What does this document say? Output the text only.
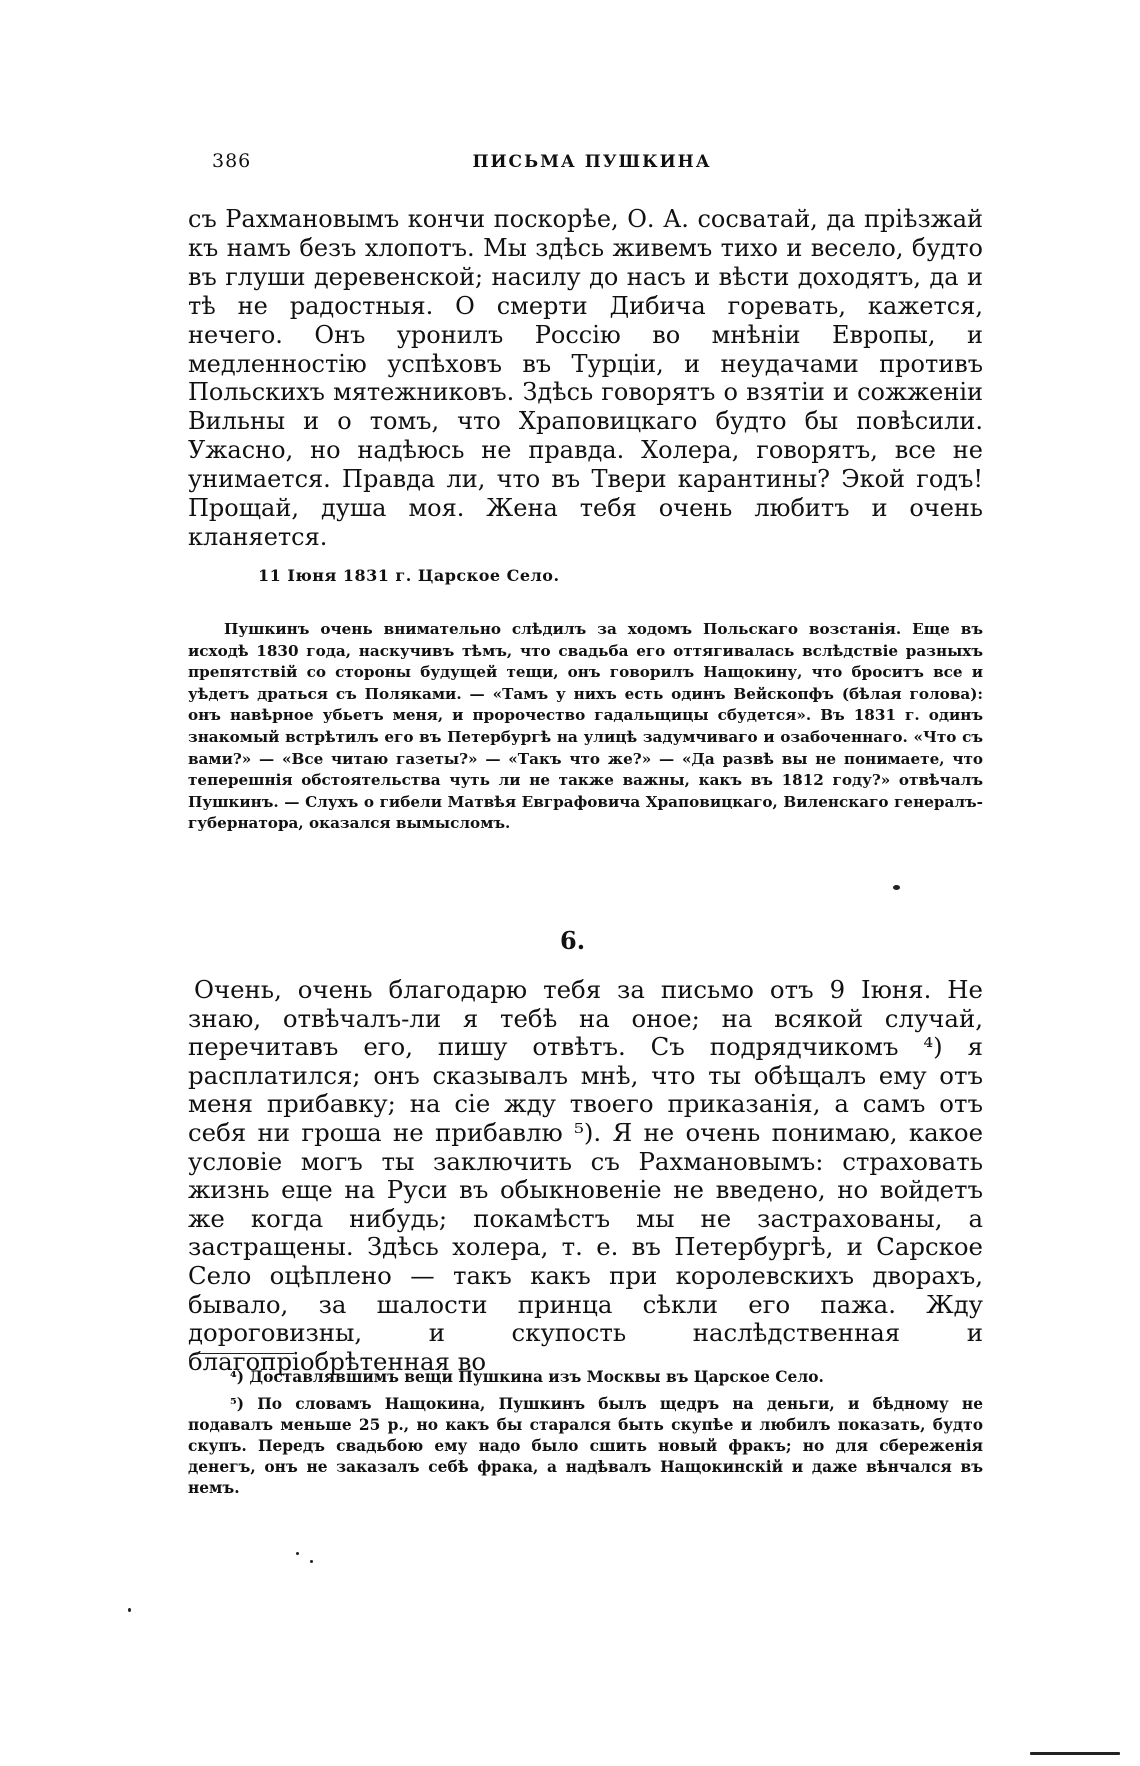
386	ПИСЬМА ПУШКИНА

съ Рахмановымъ кончи поскорѣе, О. А. сосватай, да пріѣзжай къ намъ безъ хлопотъ. Мы здѣсь живемъ тихо и весело, будто въ глуши деревенской; насилу до насъ и вѣсти доходятъ, да и тѣ не радостныя. О смерти Дибича горевать, кажется, нечего. Онъ уронилъ Россію во мнѣніи Европы, и медленностію успѣховъ въ Турціи, и неудачами противъ Польскихъ мятежниковъ. Здѣсь говорятъ о взятіи и сожженіи Вильны и о томъ, что Храповицкаго будто бы повѣсили. Ужасно, но надѣюсь не правда. Холера, говорятъ, все не унимается. Правда ли, что въ Твери карантины? Экой годъ! Прощай, душа моя. Жена тебя очень любитъ и очень кланяется.

11 Іюня 1831 г. Царское Село.

Пушкинъ очень внимательно слѣдилъ за ходомъ Польскаго возстанія. Еще въ исходѣ 1830 года, наскучивъ тѣмъ, что свадьба его оттягивалась вслѣдствіе разныхъ препятствій со стороны будущей тещи, онъ говорилъ Нащокину, что броситъ все и уѣдетъ драться съ Поляками. — «Тамъ у нихъ есть одинъ Вейскопфъ (бѣлая голова): онъ навѣрное убьетъ меня, и пророчество гадальщицы сбудется». Въ 1831 г. одинъ знакомый встрѣтилъ его въ Петербургѣ на улицѣ задумчиваго и озабоченнаго. «Что съ вами?» — «Все читаю газеты?» — «Такъ что же?» — «Да развѣ вы не понимаете, что теперешнія обстоятельства чуть ли не также важны, какъ въ 1812 году?» отвѣчалъ Пушкинъ. — Слухъ о гибели Матвѣя Евграфовича Храповицкаго, Виленскаго генералъ-губернатора, оказался вымысломъ.

6.

Очень, очень благодарю тебя за письмо отъ 9 Іюня. Не знаю, отвѣчалъ-ли я тебѣ на оное; на всякой случай, перечитавъ его, пишу отвѣтъ. Съ подрядчикомъ ⁴) я расплатился; онъ сказывалъ мнѣ, что ты обѣщалъ ему отъ меня прибавку; на сіе жду твоего приказанія, а самъ отъ себя ни гроша не прибавлю ⁵). Я не очень понимаю, какое условіе могъ ты заключить съ Рахмановымъ: страховать жизнь еще на Руси въ обыкновеніе не введено, но войдетъ же когда нибудь; покамѣстъ мы не застрахованы, а застращены. Здѣсь холера, т. е. въ Петербургѣ, и Сарское Село оцѣплено — такъ какъ при королевскихъ дворахъ, бывало, за шалости принца сѣкли его пажа. Жду дороговизны, и скупость наслѣдственная и благопріобрѣтенная во

⁴) Доставлявшимъ вещи Пушкина изъ Москвы въ Царское Село.

⁵) По словамъ Нащокина, Пушкинъ былъ щедръ на деньги, и бѣдному не подавалъ меньше 25 р., но какъ бы старался быть скупѣе и любилъ показать, будто скупъ. Передъ свадьбою ему надо было сшить новый фракъ; но для сбереженія денегъ, онъ не заказалъ себѣ фрака, а надѣвалъ Нащокинскій и даже вѣнчался въ немъ.
